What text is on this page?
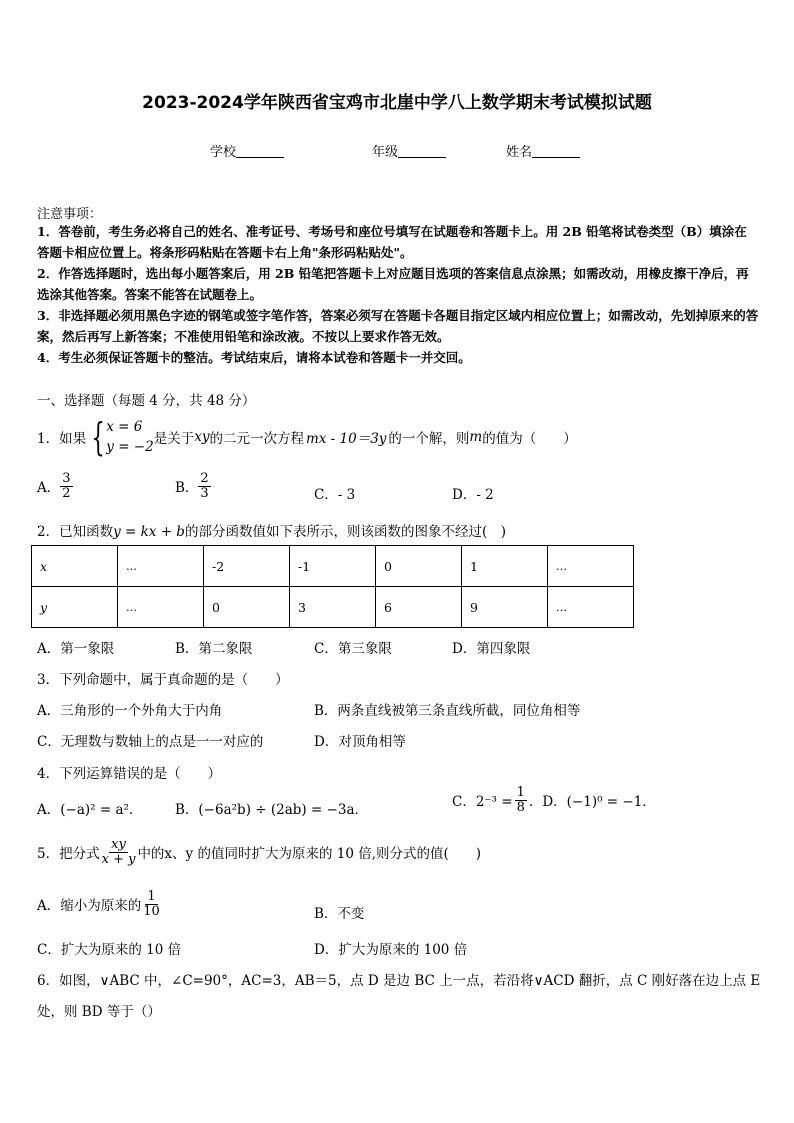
2023-2024学年陕西省宝鸡市北崖中学八上数学期末考试模拟试题
学校	年级	姓名
注意事项：
1．答卷前，考生务必将自己的姓名、准考证号、考场号和座位号填写在试题卷和答题卡上。用 2B 铅笔将试卷类型（B）填涂在答题卡相应位置上。将条形码粘贴在答题卡右上角"条形码粘贴处"。
2．作答选择题时，选出每小题答案后，用 2B 铅笔把答题卡上对应题目选项的答案信息点涂黑；如需改动，用橡皮擦干净后，再选涂其他答案。答案不能答在试题卷上。
3．非选择题必须用黑色字迹的钢笔或签字笔作答，答案必须写在答题卡各题目指定区域内相应位置上；如需改动，先划掉原来的答案，然后再写上新答案；不准使用铅笔和涂改液。不按以上要求作答无效。
4．考生必须保证答题卡的整洁。考试结束后，请将本试卷和答题卡一并交回。
一、选择题（每题 4 分，共 48 分）
1．如果 { x = 6
y = −2 是关于 xy 的二元一次方程 mx - 10＝3y 的一个解，则 m 的值为（　　）
A． $\frac{3}{2}$	B． $\frac{2}{3}$	C．- 3	D．- 2
2．已知函数y = kx + b的部分函数值如下表所示，则该函数的图象不经过(　)
x	…	-2	-1	0	1	…
y	…	0	3	6	9	…
A．第一象限	B．第二象限	C．第三象限	D．第四象限
3．下列命题中，属于真命题的是（　　）
A．三角形的一个外角大于内角	B．两条直线被第三条直线所截，同位角相等
C．无理数与数轴上的点是一一对应的	D．对顶角相等
4．下列运算错误的是（　　）
A．(−a)² = a²． B．(−6a²b) ÷ (2ab) = −3a．	C．$2^{-3} = \frac{1}{8}$ ．D．(−1)⁰ = −1．
5．把分式 $\frac{xy}{x + y}$ 中的x、y 的值同时扩大为原来的 10 倍,则分式的值(　　)
A．缩小为原来的 $\frac{1}{10}$	B．不变
C．扩大为原来的 10 倍	D．扩大为原来的 100 倍
6．如图，∨ABC 中，∠C=90°，AC=3，AB＝5，点 D 是边 BC 上一点，若沿将∨ACD 翻折，点 C 刚好落在边上点 E
处，则 BD 等于（）
